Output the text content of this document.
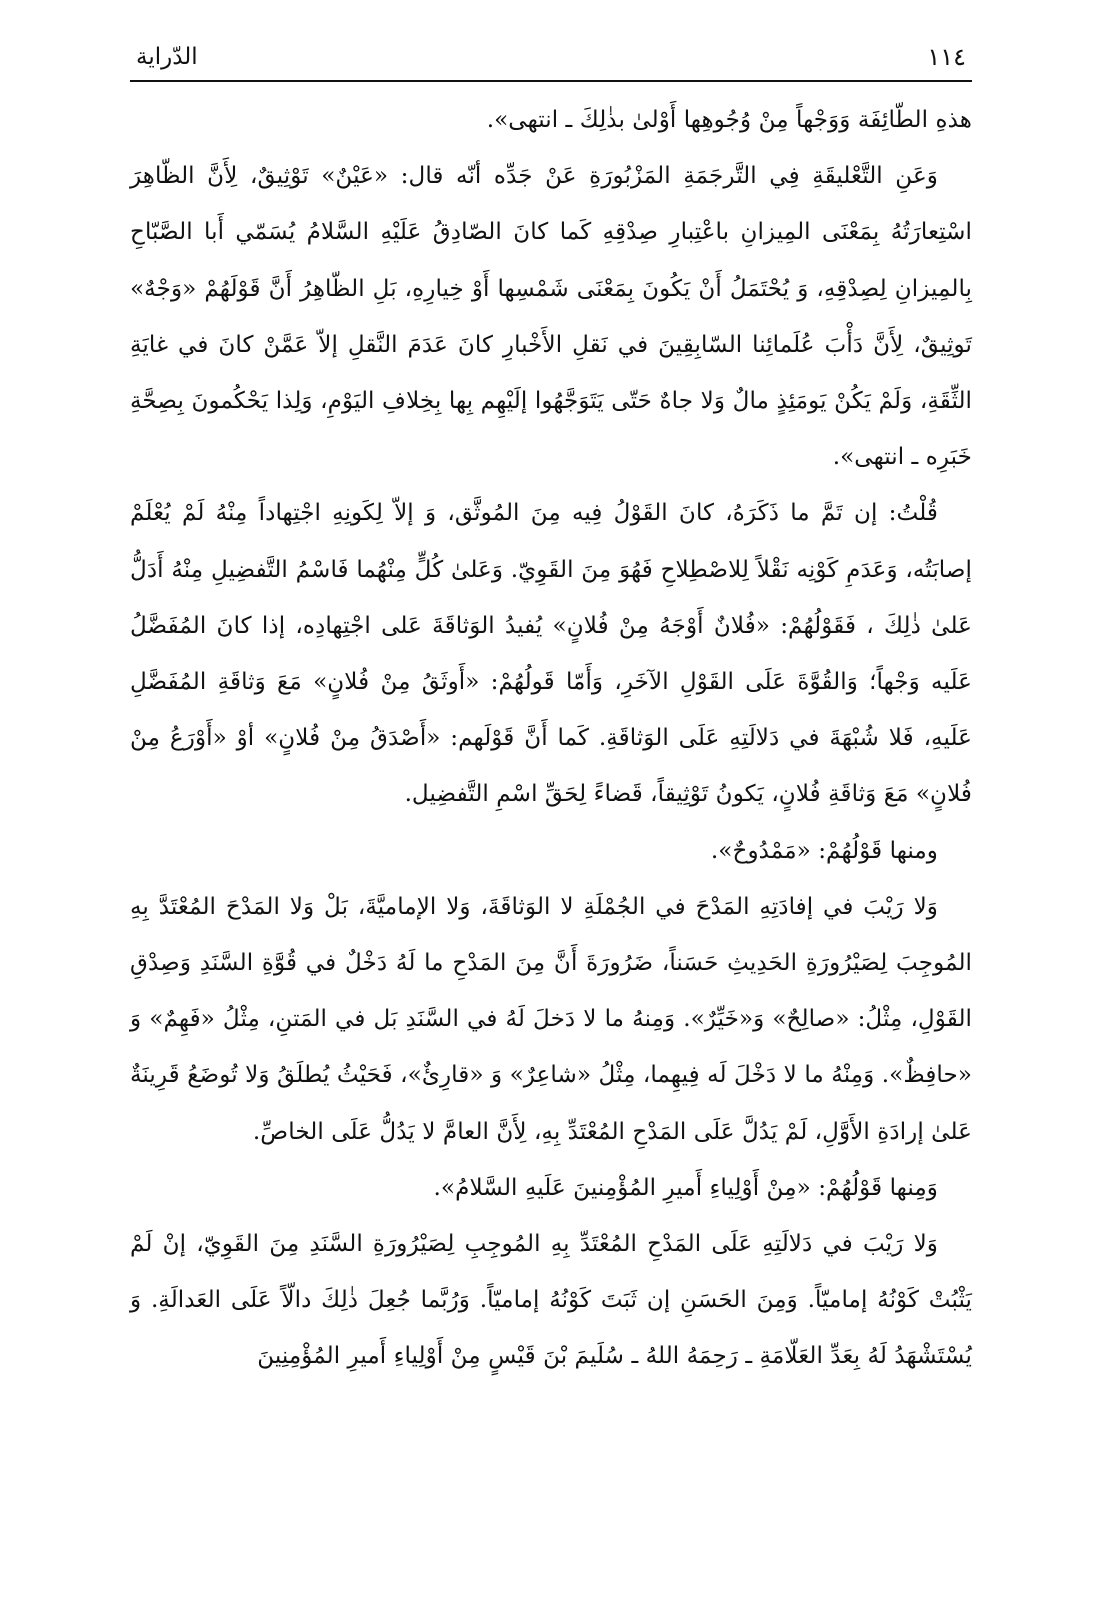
١١٤
الدّراية

هذهِ الطّائِفَة وَوَجْهاً مِنْ وُجُوهِها أَوْلىٰ بذٰلِكَ ـ انتهى».

وَعَنِ التَّعْليقَةِ فِي التَّرجَمَةِ المَزْبُورَةِ عَنْ جَدِّه أنّه قال: «عَيْنٌ» تَوْثِيقٌ، لِأَنَّ الظّاهِرَ اسْتِعارَتُهُ بِمَعْنَى المِيزانِ باعْتِبارِ صِدْقِهِ كَما كانَ الصّادِقُ عَلَيْهِ السَّلامُ يُسَمّي أَبا الصَّبّاحِ بِالمِيزانِ لِصِدْقِهِ، وَ يُحْتَمَلُ أَنْ يَكُونَ بِمَعْنَى شَمْسِها أَوْ خِيارِهِ، بَلِ الظّاهِرُ أَنَّ قَوْلَهُمْ «وَجْهٌ» تَوثِيقٌ، لِأَنَّ دَأْبَ عُلَمائِنا السّابِقِينَ في نَقلِ الأَخْبارِ كانَ عَدَمَ النَّقلِ إلاّ عَمَّنْ كانَ في غايَةِ الثِّقَةِ، وَلَمْ يَكُنْ يَومَئِذٍ مالٌ وَلا جاهٌ حَتّى يَتَوَجَّهُوا إلَيْهِم بِها بِخِلافِ اليَوْمِ، وَلِذا يَحْكُمونَ بِصِحَّةِ خَبَرِه ـ انتهى».

قُلْتُ: إن تَمَّ ما ذَكَرَهُ، كانَ القَوْلُ فِيه مِنَ المُوثَّق، وَ إلاّ لِكَونِهِ اجْتِهاداً مِنْهُ لَمْ يُعْلَمْ إصابَتُه، وَعَدَمِ كَوْنِه نَقْلاً لِلاصْطِلاحِ فَهُوَ مِنَ القَوِيّ. وَعَلىٰ كُلٍّ مِنْهُما فَاسْمُ التَّفضِيلِ مِنْهُ أَدَلُّ عَلىٰ ذٰلِكَ ، فَقَوْلُهُمْ: «فُلانٌ أَوْجَهُ مِنْ فُلانٍ» يُفيدُ الوَثاقَةَ عَلى اجْتِهادِه، إذا كانَ المُفَضَّلُ عَلَيه وَجْهاً؛ وَالقُوَّةَ عَلَى القَوْلِ الآخَرِ، وَأَمّا قَولُهُمْ: «أَوثَقُ مِنْ فُلانٍ» مَعَ وَثاقَةِ المُفَضَّلِ عَلَيهِ، فَلا شُبْهَةَ في دَلالَتِهِ عَلَى الوَثاقَةِ. كَما أَنَّ قَوْلَهم: «أَصْدَقُ مِنْ فُلانٍ» أوْ «أَوْرَعُ مِنْ فُلانٍ» مَعَ وَثاقَةِ فُلانٍ، يَكونُ تَوْثِيقاً، قَضاءً لِحَقِّ اسْمِ التَّفضِيل.

ومنها قَوْلُهُمْ: «مَمْدُوحٌ».

وَلا رَيْبَ في إفادَتِهِ المَدْحَ في الجُمْلَةِ لا الوَثاقَةَ، وَلا الإماميَّةَ، بَلْ وَلا المَدْحَ المُعْتَدَّ بِهِ المُوجِبَ لِصَيْرُورَةِ الحَدِيثِ حَسَناً، ضَرُورَةَ أَنَّ مِنَ المَدْحِ ما لَهُ دَخْلٌ في قُوَّةِ السَّنَدِ وَصِدْقِ القَوْلِ، مِثْلُ: «صالِحٌ» وَ«خَيِّرٌ». وَمِنهُ ما لا دَخلَ لَهُ في السَّنَدِ بَل في المَتنِ، مِثْلُ «فَهِمٌ» وَ «حافِظٌ». وَمِنْهُ ما لا دَخْلَ لَه فِيهِما، مِثْلُ «شاعِرٌ» وَ «قارِئٌ»، فَحَيْثُ يُطلَقُ وَلا تُوضَعُ قَرِينَةٌ عَلىٰ إرادَةِ الأَوَّلِ، لَمْ يَدُلَّ عَلَى المَدْحِ المُعْتَدِّ بِهِ، لِأَنَّ العامَّ لا يَدُلُّ عَلَى الخاصِّ.

وَمِنها قَوْلُهُمْ: «مِنْ أَوْلِياءِ أَميرِ المُؤْمِنينَ عَلَيهِ السَّلامُ».

وَلا رَيْبَ في دَلالَتِهِ عَلَى المَدْحِ المُعْتَدِّ بِهِ المُوجِبِ لِصَيْرُورَةِ السَّنَدِ مِنَ القَوِيّ، إنْ لَمْ يَثْبُتْ كَوْنُهُ إماميّاً. وَمِنَ الحَسَنِ إن ثَبَتَ كَوْنُهُ إماميّاً. وَرُبَّما جُعِلَ ذٰلِكَ دالّاً عَلَى العَدالَةِ. وَ يُسْتَشْهَدُ لَهُ بِعَدِّ العَلّامَةِ ـ رَحِمَهُ اللهُ ـ سُلَيمَ بْنَ قَيْسٍ مِنْ أَوْلِياءِ أَميرِ المُؤْمِنِينَ
